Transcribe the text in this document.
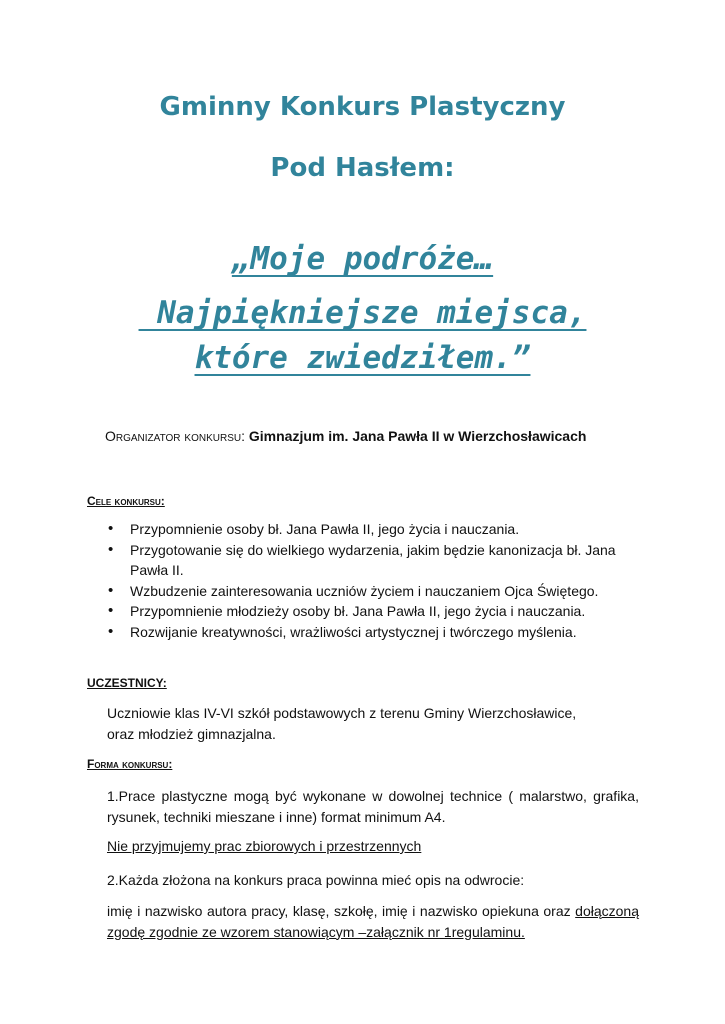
Gminny Konkurs Plastyczny
Pod Hasłem:

„Moje podróże…

Najpiękniejsze miejsca,

które zwiedziłem.”

Organizator konkursu: Gimnazjum im. Jana Pawła II w Wierzchosławicach
Cele konkursu:
• Przypomnienie osoby bł. Jana Pawła II, jego życia i nauczania.
• Przygotowanie się do wielkiego wydarzenia, jakim będzie kanonizacja bł. Jana Pawła II.
• Wzbudzenie zainteresowania uczniów życiem i nauczaniem Ojca Świętego.
• Przypomnienie młodzieży osoby bł. Jana Pawła II, jego życia i nauczania.
• Rozwijanie kreatywności, wrażliwości artystycznej i twórczego myślenia.
UCZESTNICY:
Uczniowie klas IV-VI szkół podstawowych z terenu Gminy Wierzchosławice,
oraz młodzież gimnazjalna.
Forma konkursu:

1.Prace plastyczne mogą być wykonane w dowolnej technice ( malarstwo, grafika, rysunek, techniki mieszane i inne) format minimum A4.

Nie przyjmujemy prac zbiorowych i przestrzennych

2.Każda złożona na konkurs praca powinna mieć opis na odwrocie:

imię i nazwisko autora pracy, klasę, szkołę, imię i nazwisko opiekuna oraz dołączoną zgodę zgodnie ze wzorem stanowiącym –załącznik nr 1regulaminu.
